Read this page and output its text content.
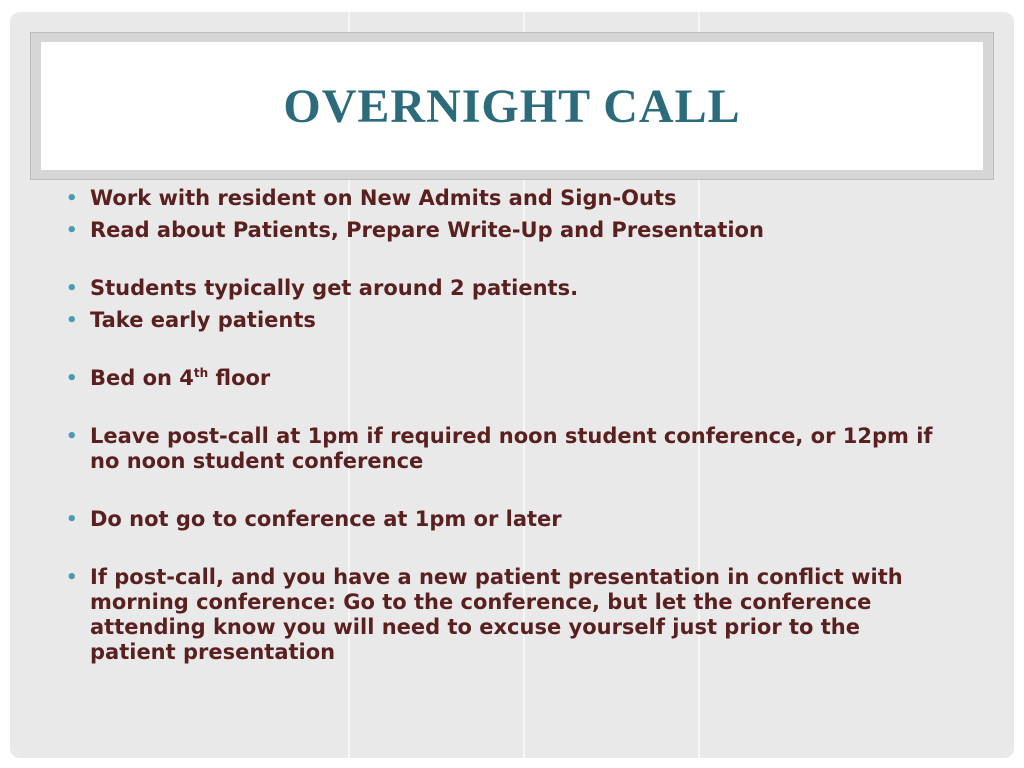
OVERNIGHT CALL
• Work with resident on New Admits and Sign-Outs
• Read about Patients, Prepare Write-Up and Presentation
• Students typically get around 2 patients.
• Take early patients
• Bed on 4th floor
• Leave post-call at 1pm if required noon student conference, or 12pm if no noon student conference
• Do not go to conference at 1pm or later
• If post-call, and you have a new patient presentation in conflict with morning conference: Go to the conference, but let the conference attending know you will need to excuse yourself just prior to the patient presentation
